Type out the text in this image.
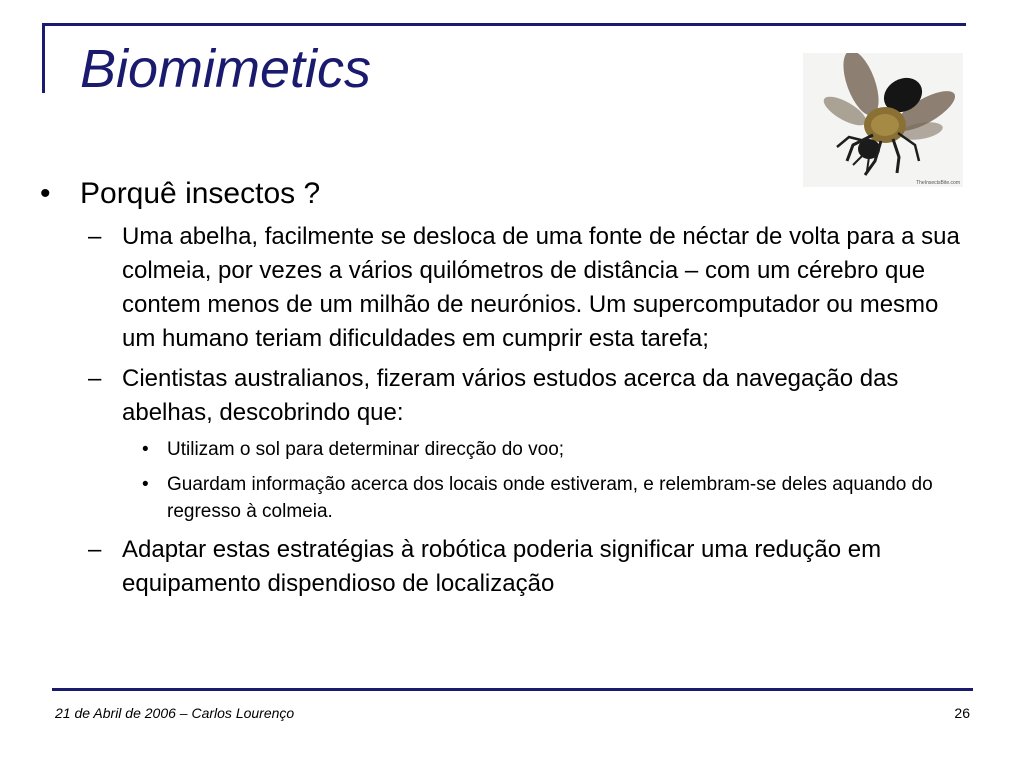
Biomimetics
TheInsectsBite.com
• Porquê insectos ?
– Uma abelha, facilmente se desloca de uma fonte de néctar de volta para a sua colmeia, por vezes a vários quilómetros de distância – com um cérebro que contem menos de um milhão de neurónios. Um supercomputador ou mesmo um humano teriam dificuldades em cumprir esta tarefa;
– Cientistas australianos, fizeram vários estudos acerca da navegação das abelhas, descobrindo que:
• Utilizam o sol para determinar direcção do voo;
• Guardam informação acerca dos locais onde estiveram, e relembram-se deles aquando do regresso à colmeia.
– Adaptar estas estratégias à robótica poderia significar uma redução em equipamento dispendioso de localização
21 de Abril de 2006 – Carlos Lourenço	26
